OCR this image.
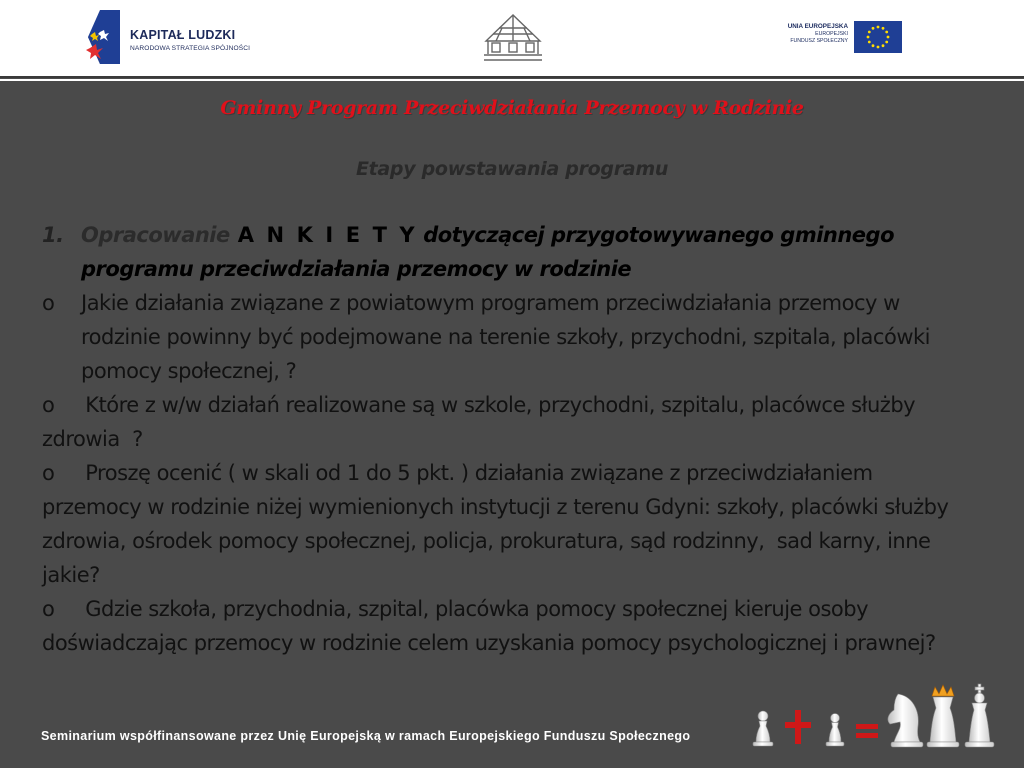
KAPITAŁ LUDZKI
NARODOWA STRATEGIA SPÓJNOŚCI
UNIA EUROPEJSKA
EUROPEJSKI
FUNDUSZ SPOŁECZNY
Gminny Program Przeciwdziałania Przemocy w Rodzinie
Etapy powstawania programu

1. Opracowanie A N K I E T Y dotyczącej przygotowywanego gminnego programu przeciwdziałania przemocy w rodzinie

o Jakie działania związane z powiatowym programem przeciwdziałania przemocy w      rodzinie powinny być podejmowane na terenie szkoły, przychodni, szpitala, placówki pomocy społecznej, ?

o Które z w/w działań realizowane są w szkole, przychodni, szpitalu, placówce służby zdrowia  ?

o Proszę ocenić ( w skali od 1 do 5 pkt. ) działania związane z przeciwdziałaniem     przemocy w rodzinie niżej wymienionych instytucji z terenu Gdyni: szkoły, placówki służby zdrowia, ośrodek pomocy społecznej, policja, prokuratura, sąd rodzinny,  sad karny, inne jakie?

o Gdzie szkoła, przychodnia, szpital, placówka pomocy społecznej kieruje osoby doświadczając przemocy w rodzinie celem uzyskania pomocy psychologicznej i prawnej?

Seminarium współfinansowane przez Unię Europejską w ramach Europejskiego Funduszu Społecznego
